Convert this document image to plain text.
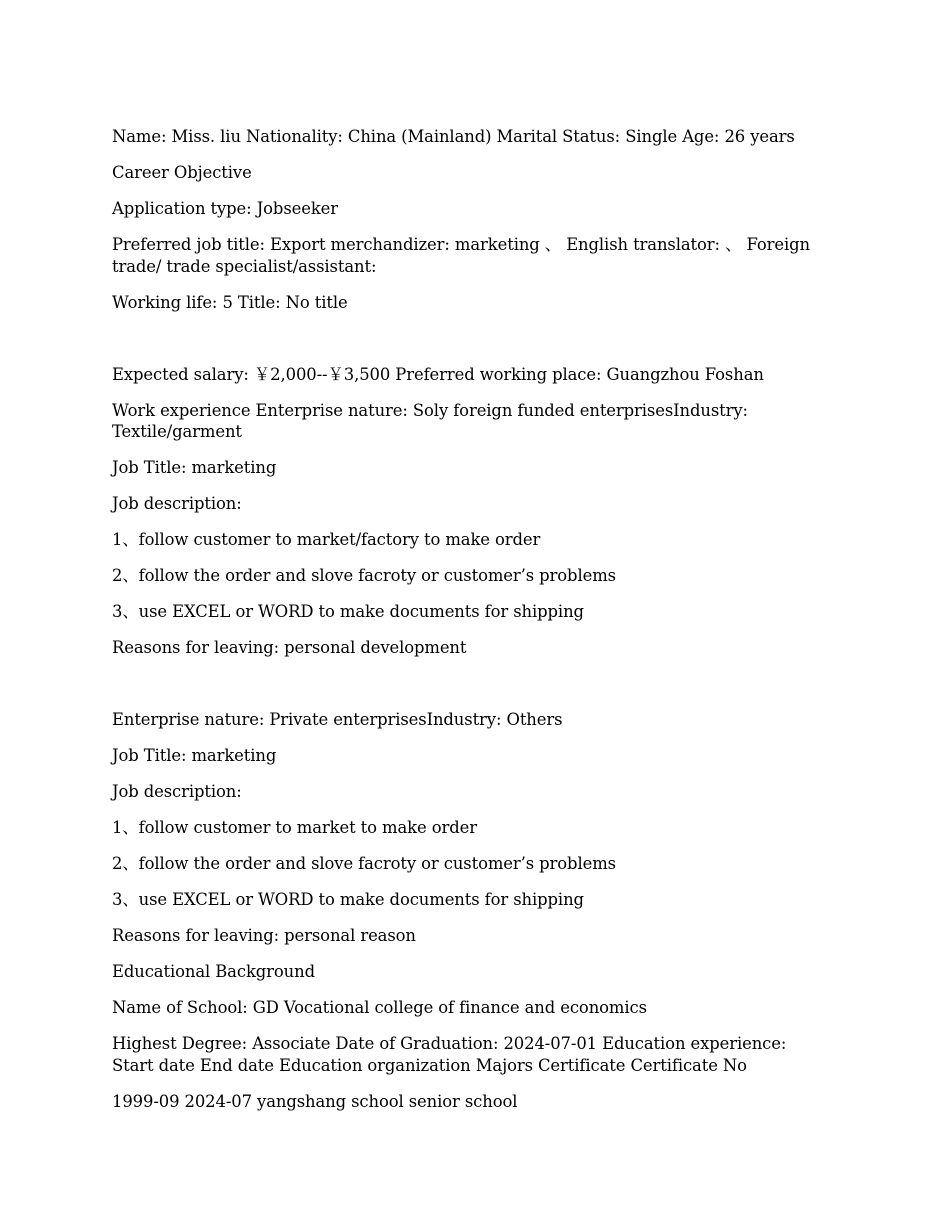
Name: Miss. liu Nationality: China (Mainland) Marital Status: Single Age: 26 years

Career Objective

Application type: Jobseeker

Preferred job title: Export merchandizer: marketing 、 English translator: 、 Foreign trade/ trade specialist/assistant:

Working life: 5 Title: No title

Expected salary: ￥2,000--￥3,500 Preferred working place: Guangzhou Foshan

Work experience Enterprise nature: Soly foreign funded enterprisesIndustry: Textile/garment

Job Title: marketing

Job description:

1、follow customer to market/factory to make order

2、follow the order and slove facroty or customer’s problems

3、use EXCEL or WORD to make documents for shipping

Reasons for leaving: personal development

Enterprise nature: Private enterprisesIndustry: Others

Job Title: marketing

Job description:

1、follow customer to market to make order

2、follow the order and slove facroty or customer’s problems

3、use EXCEL or WORD to make documents for shipping

Reasons for leaving: personal reason

Educational Background

Name of School: GD Vocational college of finance and economics

Highest Degree: Associate Date of Graduation: 2024-07-01 Education experience: Start date End date Education organization Majors Certificate Certificate No

1999-09 2024-07 yangshang school senior school
